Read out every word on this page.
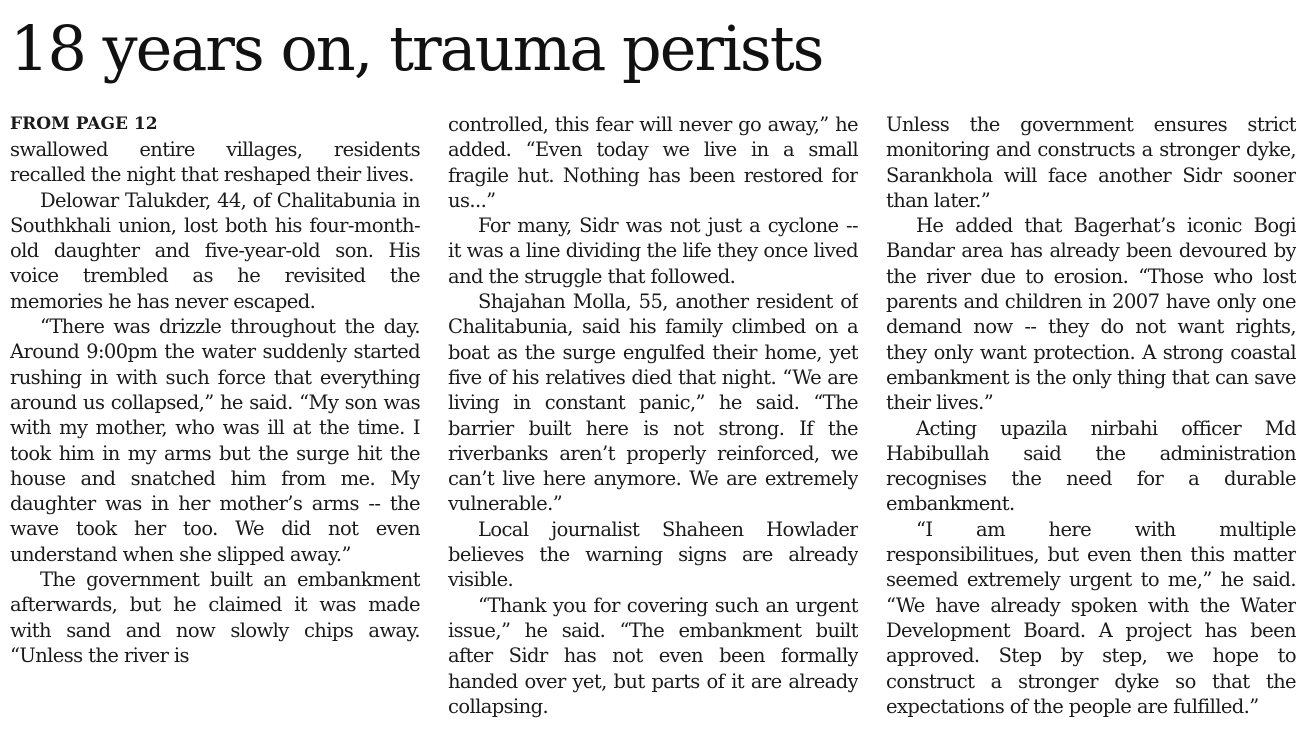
18 years on, trauma perists
FROM PAGE 12

swallowed entire villages, residents recalled the night that reshaped their lives.

Delowar Talukder, 44, of Chalitabunia in Southkhali union, lost both his four-month-old daughter and five-year-old son. His voice trembled as he revisited the memories he has never escaped.

“There was drizzle throughout the day. Around 9:00pm the water suddenly started rushing in with such force that everything around us collapsed,” he said. “My son was with my mother, who was ill at the time. I took him in my arms but the surge hit the house and snatched him from me. My daughter was in her mother’s arms -- the wave took her too. We did not even understand when she slipped away.”

The government built an embankment afterwards, but he claimed it was made with sand and now slowly chips away. “Unless the river is

controlled, this fear will never go away,” he added. “Even today we live in a small fragile hut. Nothing has been restored for us...”

For many, Sidr was not just a cyclone -- it was a line dividing the life they once lived and the struggle that followed.

Shajahan Molla, 55, another resident of Chalitabunia, said his family climbed on a boat as the surge engulfed their home, yet five of his relatives died that night. “We are living in constant panic,” he said. “The barrier built here is not strong. If the riverbanks aren’t properly reinforced, we can’t live here anymore. We are extremely vulnerable.”

Local journalist Shaheen Howlader believes the warning signs are already visible.

“Thank you for covering such an urgent issue,” he said. “The embankment built after Sidr has not even been formally handed over yet, but parts of it are already collapsing.

Unless the government ensures strict monitoring and constructs a stronger dyke, Sarankhola will face another Sidr sooner than later.”

He added that Bagerhat’s iconic Bogi Bandar area has already been devoured by the river due to erosion. “Those who lost parents and children in 2007 have only one demand now -- they do not want rights, they only want protection. A strong coastal embankment is the only thing that can save their lives.”

Acting upazila nirbahi officer Md Habibullah said the administration recognises the need for a durable embankment.

“I am here with multiple responsibilitues, but even then this matter seemed extremely urgent to me,” he said. “We have already spoken with the Water Development Board. A project has been approved. Step by step, we hope to construct a stronger dyke so that the expectations of the people are fulfilled.”
